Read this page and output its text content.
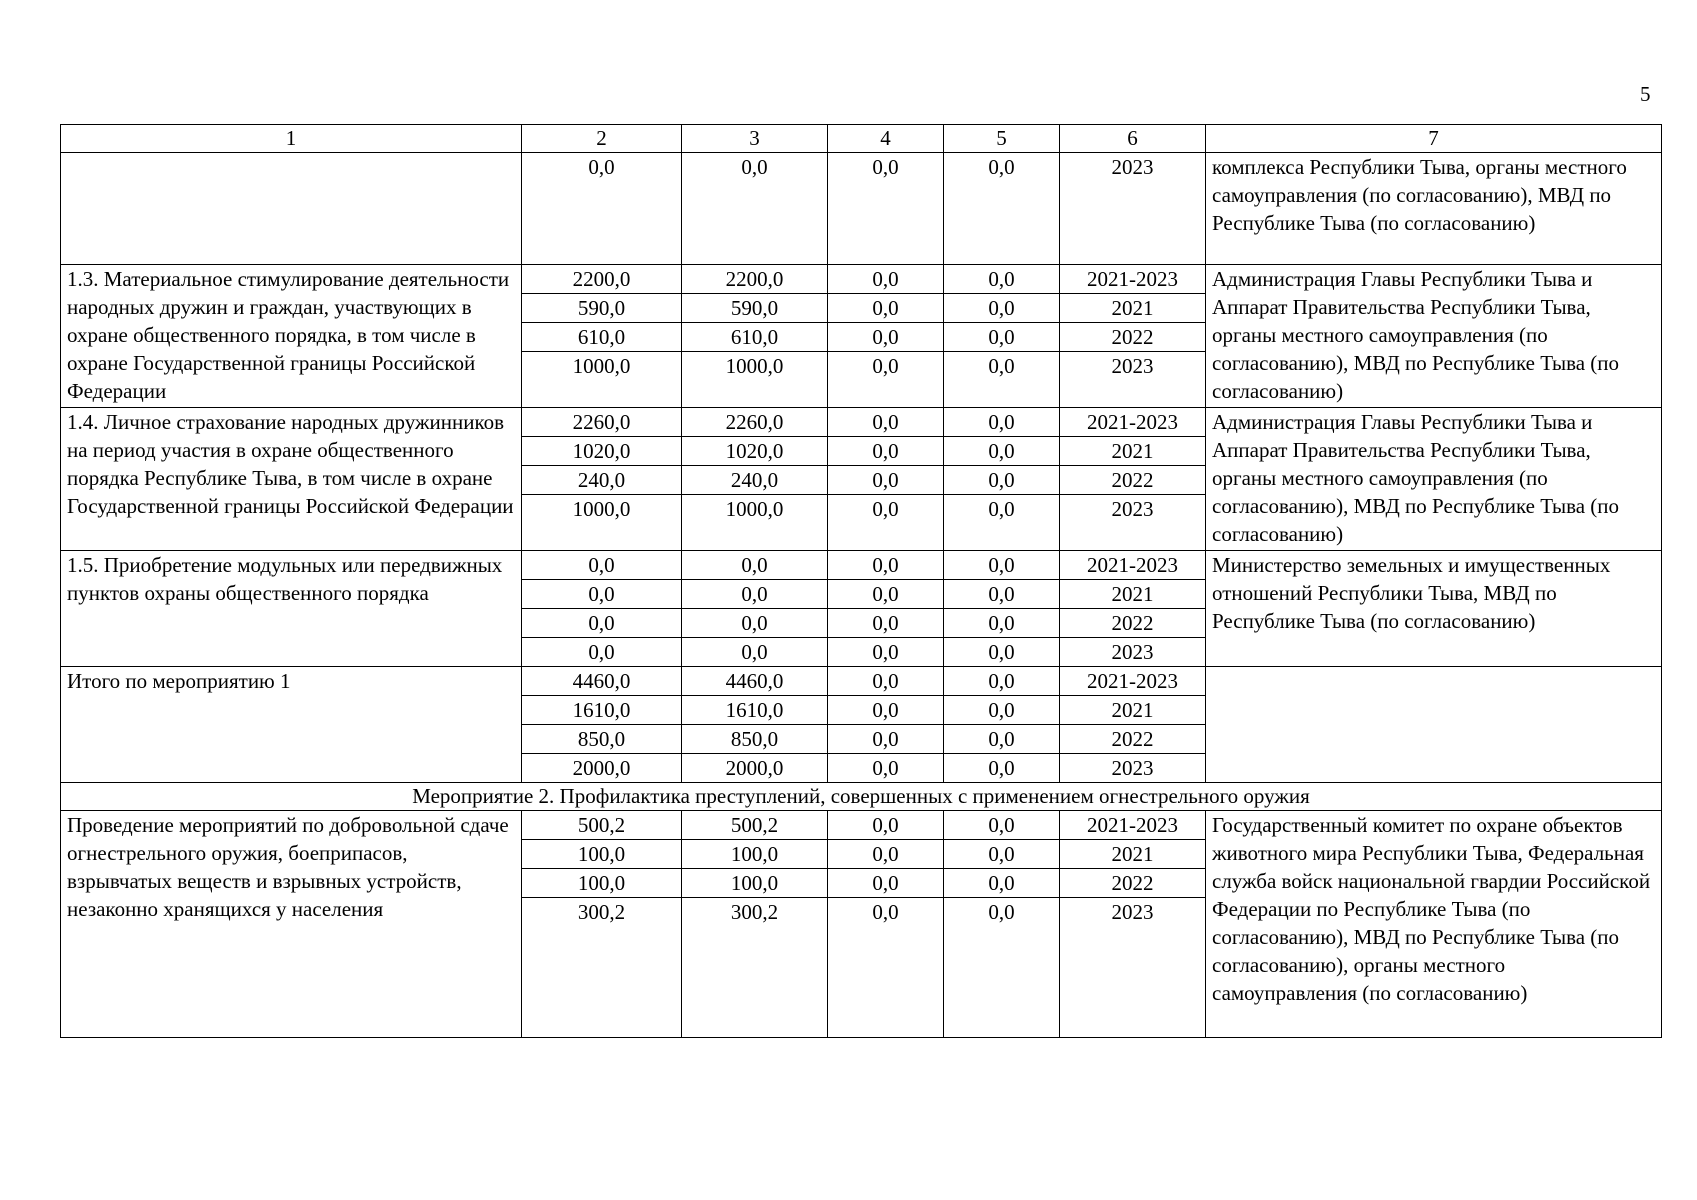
5
1	2	3	4	5	6	7
	0,0	0,0	0,0	0,0	2023	комплекса Республики Тыва, органы местного самоуправления (по согласованию), МВД по Республике Тыва (по согласованию)
1.3. Материальное стимулирование деятельности народных дружин и граждан, участвующих в охране общественного порядка, в том числе в охране Государственной границы Российской Федерации	2200,0	2200,0	0,0	0,0	2021-2023	Администрация Главы Республики Тыва и Аппарат Правительства Республики Тыва, органы местного самоуправления (по согласованию), МВД по Республике Тыва (по согласованию)
	590,0	590,0	0,0	0,0	2021	
	610,0	610,0	0,0	0,0	2022	
	1000,0	1000,0	0,0	0,0	2023	
1.4. Личное страхование народных дружинников на период участия в охране общественного порядка Республике Тыва, в том числе в охране Государственной границы Российской Федерации	2260,0	2260,0	0,0	0,0	2021-2023	Администрация Главы Республики Тыва и Аппарат Правительства Республики Тыва, органы местного самоуправления (по согласованию), МВД по Республике Тыва (по согласованию)
	1020,0	1020,0	0,0	0,0	2021	
	240,0	240,0	0,0	0,0	2022	
	1000,0	1000,0	0,0	0,0	2023	
1.5. Приобретение модульных или передвижных пунктов охраны общественного порядка	0,0	0,0	0,0	0,0	2021-2023	Министерство земельных и имущественных отношений Республики Тыва, МВД по Республике Тыва (по согласованию)
	0,0	0,0	0,0	0,0	2021	
	0,0	0,0	0,0	0,0	2022	
	0,0	0,0	0,0	0,0	2023	
Итого по мероприятию 1	4460,0	4460,0	0,0	0,0	2021-2023	
	1610,0	1610,0	0,0	0,0	2021	
	850,0	850,0	0,0	0,0	2022	
	2000,0	2000,0	0,0	0,0	2023	
Мероприятие 2. Профилактика преступлений, совершенных с применением огнестрельного оружия						
Проведение мероприятий по добровольной сдаче огнестрельного оружия, боеприпасов, взрывчатых веществ и взрывных устройств, незаконно хранящихся у населения	500,2	500,2	0,0	0,0	2021-2023	Государственный комитет по охране объектов животного мира Республики Тыва, Федеральная служба войск национальной гвардии Российской Федерации по Республике Тыва (по согласованию), МВД по Республике Тыва (по согласованию), органы местного самоуправления (по согласованию)
	100,0	100,0	0,0	0,0	2021	
	100,0	100,0	0,0	0,0	2022	
	300,2	300,2	0,0	0,0	2023	
